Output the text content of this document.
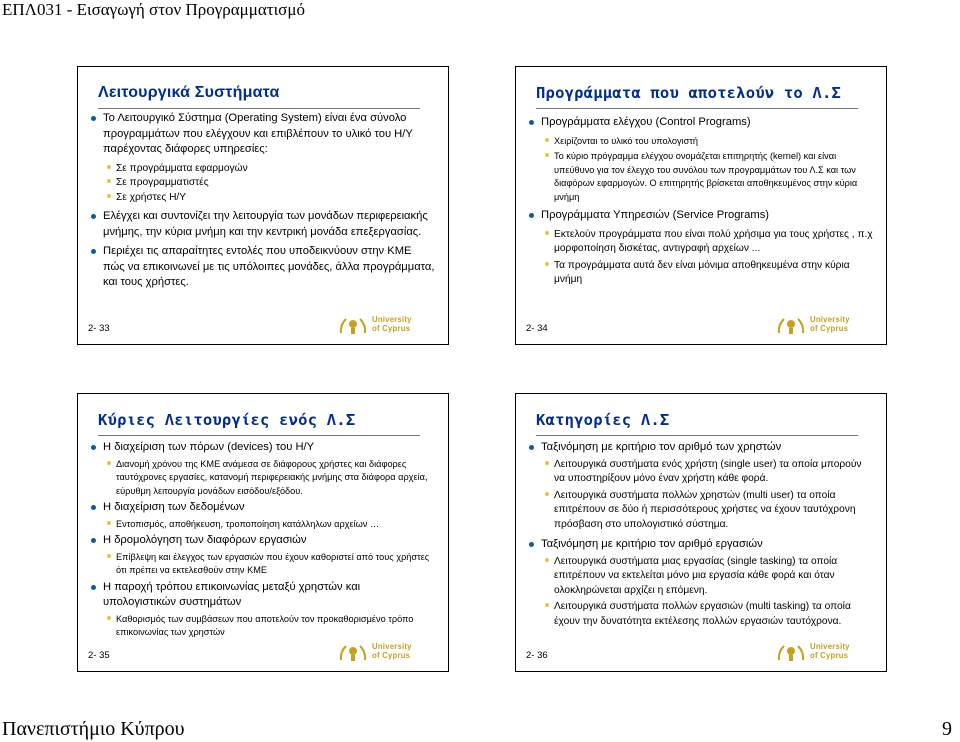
ΕΠΛ031 - Εισαγωγή στον Προγραμματισμό
Λειτουργικά Συστήματα
Το Λειτουργικό Σύστημα (Operating System) είναι ένα σύνολο προγραμμάτων που ελέγχουν και επιβλέπουν το υλικό του Η/Υ παρέχοντας διάφορες υπηρεσίες:
Σε προγράμματα εφαρμογών
Σε προγραμματιστές
Σε χρήστες Η/Υ
Ελέγχει και συντονίζει την λειτουργία των μονάδων περιφερειακής μνήμης, την κύρια μνήμη και την κεντρική μονάδα επεξεργασίας.
Περιέχει τις απαραίτητες εντολές που υποδεικνύουν στην ΚΜΕ πώς να επικοινωνεί με τις υπόλοιπες μονάδες, άλλα προγράμματα, και τους χρήστες.
2- 33
University
of Cyprus
Προγράμματα που αποτελούν το Λ.Σ
Προγράμματα ελέγχου (Control Programs)
Χειρίζονται το υλικό του υπολογιστή
Το κύριο πρόγραμμα ελέγχου ονομάζεται επιτηρητής (kernel) και είναι υπεύθυνο για τον έλεγχο του συνόλου των προγραμμάτων του Λ.Σ και των διαφόρων εφαρμογών. Ο επιτηρητής βρίσκεται αποθηκευμένος στην κύρια μνήμη
Προγράμματα Υπηρεσιών (Service Programs)
Εκτελούν προγράμματα που είναι πολύ χρήσιμα για τους χρήστες , π.χ μορφοποίηση δισκέτας, αντιγραφή αρχείων ...
Τα προγράμματα αυτά δεν είναι μόνιμα αποθηκευμένα στην κύρια μνήμη
2- 34
University
of Cyprus
Κύριες Λειτουργίες ενός Λ.Σ
Η διαχείριση των πόρων (devices) του Η/Υ
Διανομή χρόνου της ΚΜΕ ανάμεσα σε διάφορους χρήστες και διάφορες ταυτόχρονες εργασίες, κατανομή περιφερειακής μνήμης στα διάφορα αρχεία, εύρυθμη λειτουργία μονάδων εισόδου/εξόδου.
Η διαχείριση των δεδομένων
Εντοπισμός, αποθήκευση, τροποποίηση κατάλληλων αρχείων …
Η δρομολόγηση των διαφόρων εργασιών
Επίβλεψη και έλεγχος των εργασιών που έχουν καθοριστεί από τους χρήστες ότι πρέπει να εκτελεσθούν στην ΚΜΕ
Η παροχή τρόπου επικοινωνίας μεταξύ χρηστών και υπολογιστικών συστημάτων
Καθορισμός των συμβάσεων που αποτελούν τον προκαθορισμένο τρόπο επικοινωνίας των χρηστών
2- 35
University
of Cyprus
Κατηγορίες Λ.Σ
Ταξινόμηση με κριτήριο τον αριθμό των χρηστών
Λειτουργικά συστήματα ενός χρήστη (single user) τα οποία μπορούν να υποστηρίξουν μόνο έναν χρήστη κάθε φορά.
Λειτουργικά συστήματα πολλών χρηστών (multi user) τα οποία επιτρέπουν σε δύο ή περισσότερους χρήστες να έχουν ταυτόχρονη πρόσβαση στο υπολογιστικό σύστημα.
Ταξινόμηση με κριτήριο τον αριθμό εργασιών
Λειτουργικά συστήματα μιας εργασίας (single tasking) τα οποία επιτρέπουν να εκτελείται μόνο μια εργασία κάθε φορά και όταν ολοκληρώνεται αρχίζει η επόμενη.
Λειτουργικά συστήματα πολλών εργασιών (multi tasking) τα οποία έχουν την δυνατότητα εκτέλεσης πολλών εργασιών ταυτόχρονα.
2- 36
University
of Cyprus
Πανεπιστήμιο Κύπρου	9
